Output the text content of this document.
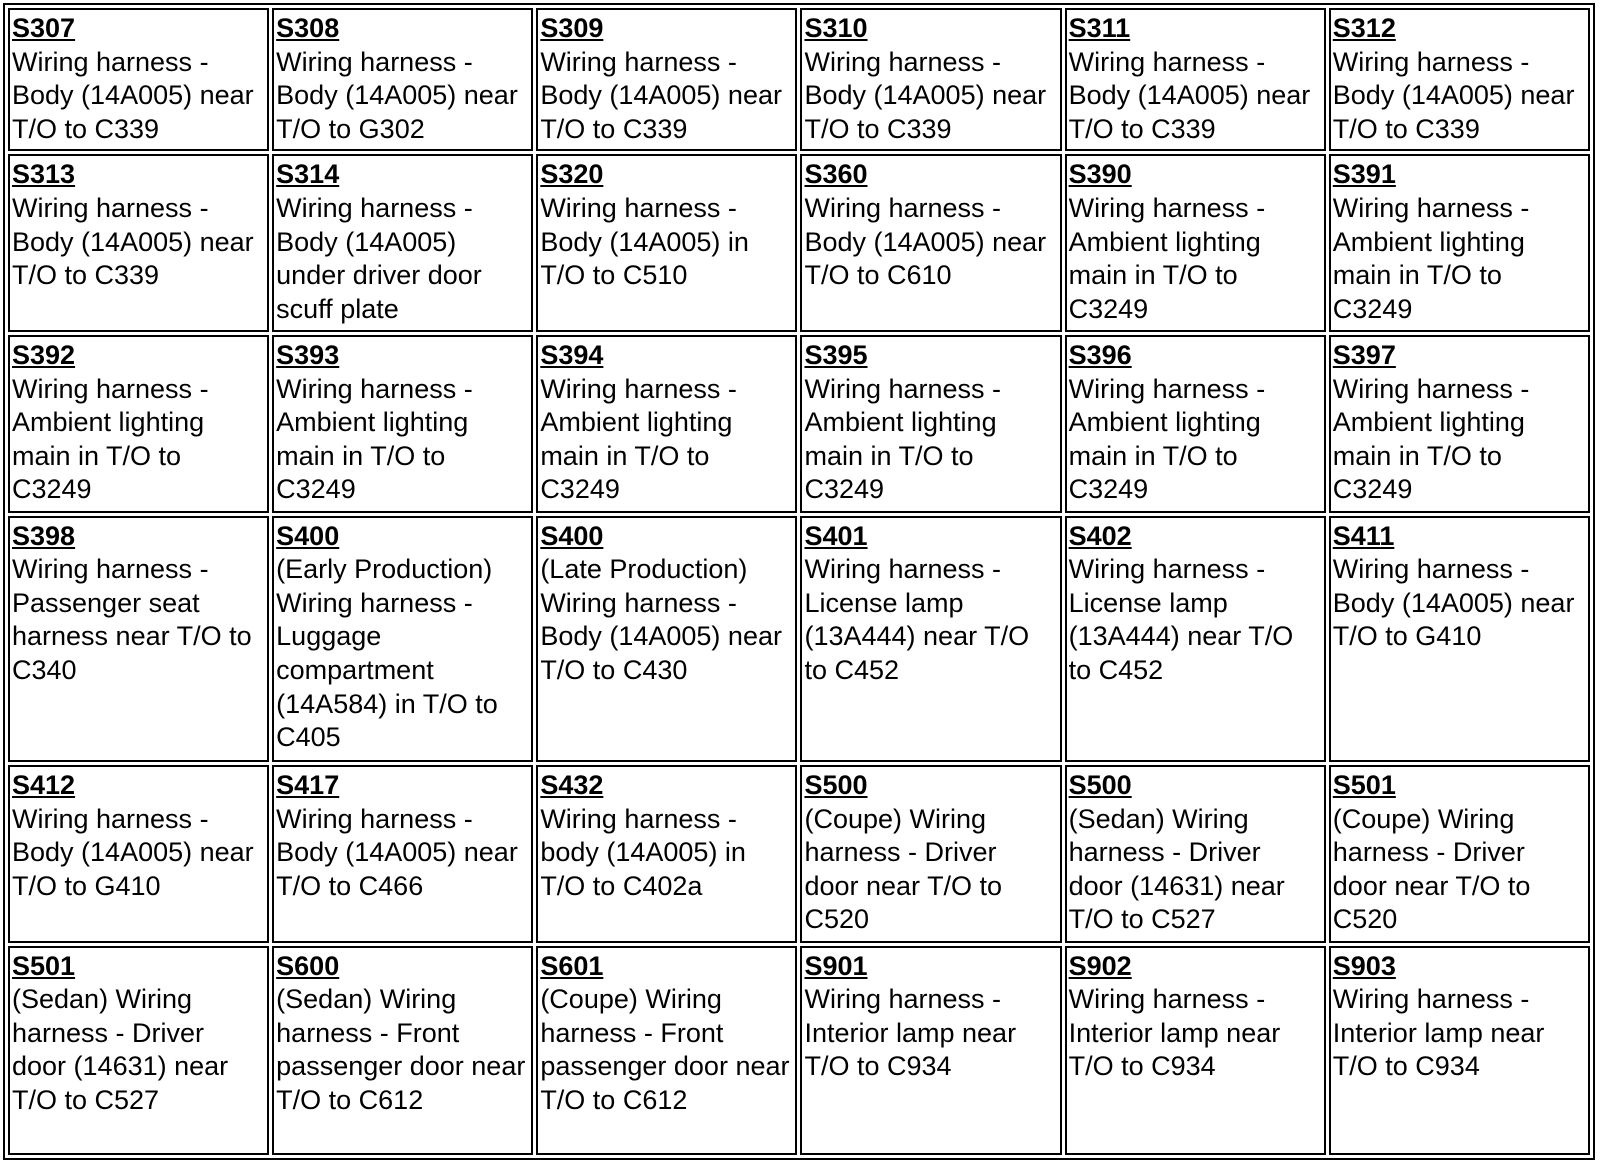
S307
Wiring harness - Body (14A005) near T/O to C339	S308
Wiring harness - Body (14A005) near T/O to G302	S309
Wiring harness - Body (14A005) near T/O to C339	S310
Wiring harness - Body (14A005) near T/O to C339	S311
Wiring harness - Body (14A005) near T/O to C339	S312
Wiring harness - Body (14A005) near T/O to C339

S313
Wiring harness - Body (14A005) near T/O to C339	S314
Wiring harness - Body (14A005) under driver door scuff plate	S320
Wiring harness - Body (14A005) in T/O to C510	S360
Wiring harness - Body (14A005) near T/O to C610	S390
Wiring harness - Ambient lighting main in T/O to C3249	S391
Wiring harness - Ambient lighting main in T/O to C3249

S392
Wiring harness - Ambient lighting main in T/O to C3249	S393
Wiring harness - Ambient lighting main in T/O to C3249	S394
Wiring harness - Ambient lighting main in T/O to C3249	S395
Wiring harness - Ambient lighting main in T/O to C3249	S396
Wiring harness - Ambient lighting main in T/O to C3249	S397
Wiring harness - Ambient lighting main in T/O to C3249

S398
Wiring harness - Passenger seat harness near T/O to C340	S400
(Early Production) Wiring harness - Luggage compartment (14A584) in T/O to C405	S400
(Late Production) Wiring harness - Body (14A005) near T/O to C430	S401
Wiring harness - License lamp (13A444) near T/O to C452	S402
Wiring harness - License lamp (13A444) near T/O to C452	S411
Wiring harness - Body (14A005) near T/O to G410

S412
Wiring harness - Body (14A005) near T/O to G410	S417
Wiring harness - Body (14A005) near T/O to C466	S432
Wiring harness - body (14A005) in T/O to C402a	S500
(Coupe) Wiring harness - Driver door near T/O to C520	S500
(Sedan) Wiring harness - Driver door (14631) near T/O to C527	S501
(Coupe) Wiring harness - Driver door near T/O to C520

S501
(Sedan) Wiring harness - Driver door (14631) near T/O to C527	S600
(Sedan) Wiring harness - Front passenger door near T/O to C612	S601
(Coupe) Wiring harness - Front passenger door near T/O to C612	S901
Wiring harness - Interior lamp near T/O to C934	S902
Wiring harness - Interior lamp near T/O to C934	S903
Wiring harness - Interior lamp near T/O to C934
